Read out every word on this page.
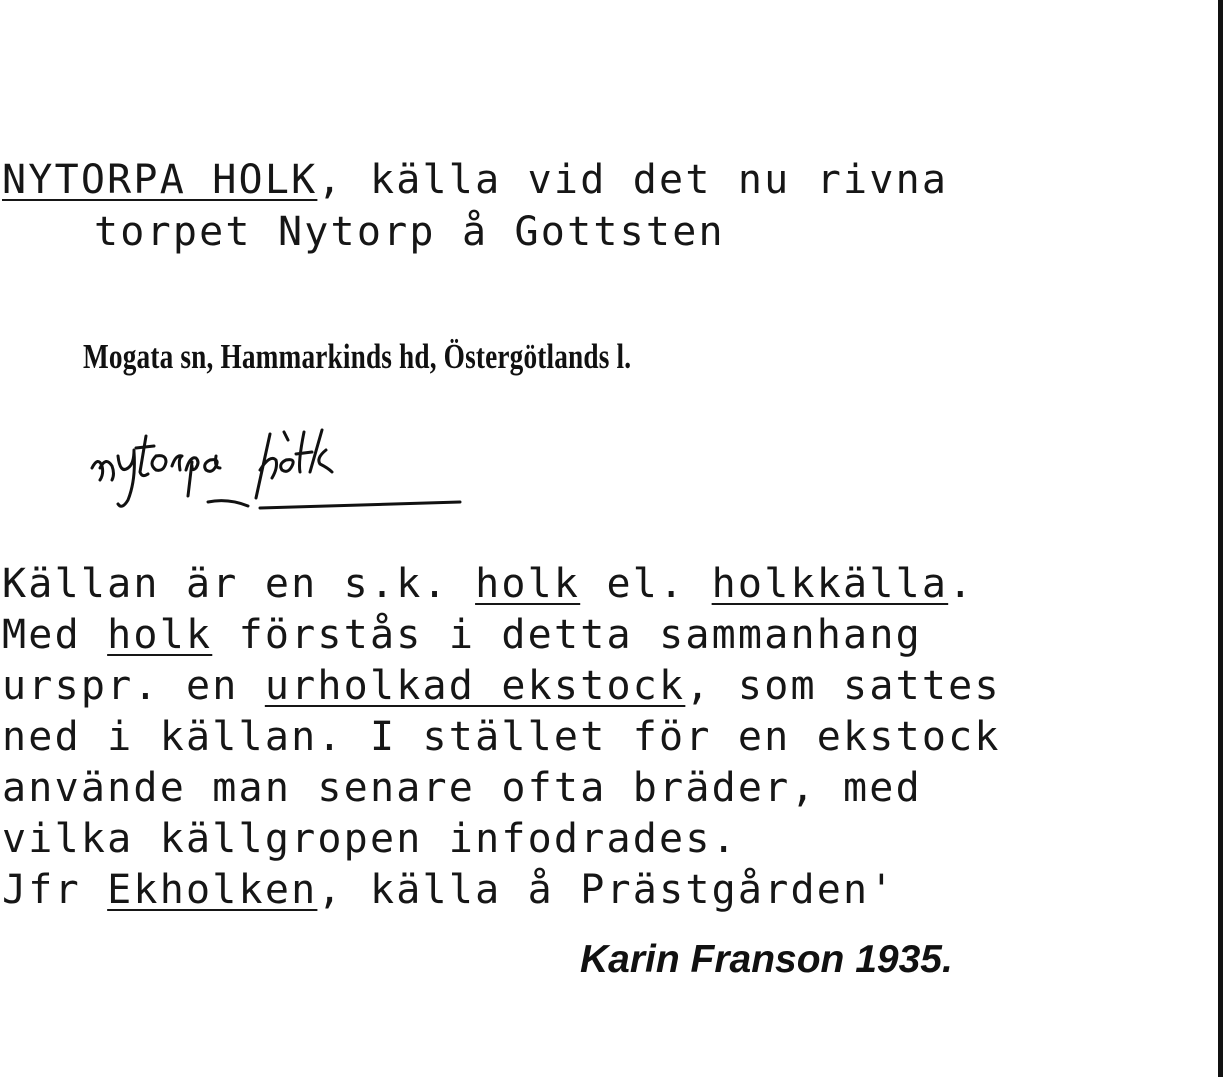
NYTORPA HOLK, källa vid det nu rivna
torpet Nytorp å Gottsten
Mogata sn, Hammarkinds hd, Östergötlands l.
Källan är en s.k. holk el. holkkälla.
Med holk förstås i detta sammanhang
urspr. en urholkad ekstock, som sattes
ned i källan. I stället för en ekstock
använde man senare ofta bräder, med
vilka källgropen infodrades.
Jfr Ekholken, källa å Prästgården'
Karin Franson 1935.
